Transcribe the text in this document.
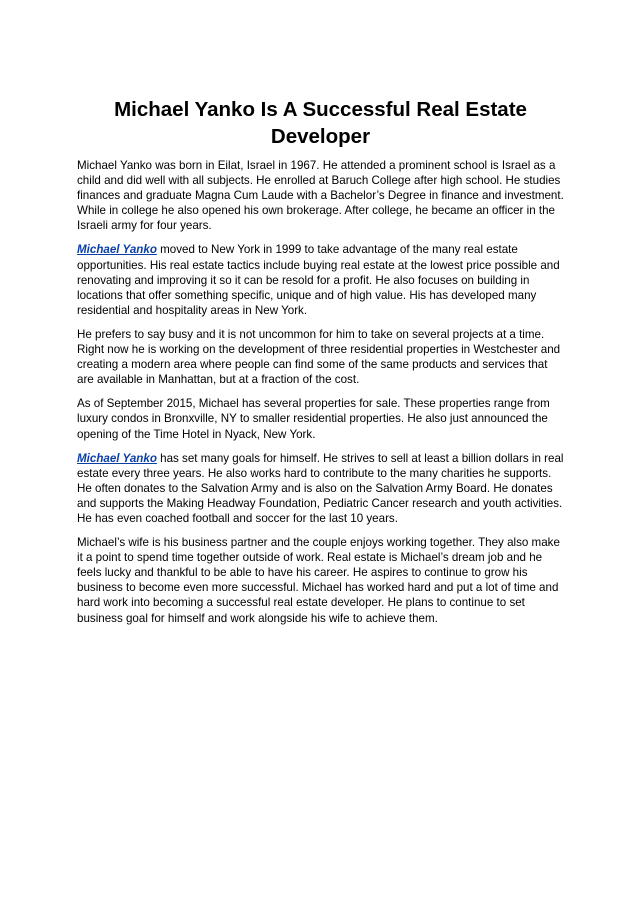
Michael Yanko Is A Successful Real Estate Developer

Michael Yanko was born in Eilat, Israel in 1967. He attended a prominent school is Israel as a child and did well with all subjects. He enrolled at Baruch College after high school. He studies finances and graduate Magna Cum Laude with a Bachelor’s Degree in finance and investment. While in college he also opened his own brokerage. After college, he became an officer in the Israeli army for four years.

Michael Yanko moved to New York in 1999 to take advantage of the many real estate opportunities. His real estate tactics include buying real estate at the lowest price possible and renovating and improving it so it can be resold for a profit. He also focuses on building in locations that offer something specific, unique and of high value. His has developed many residential and hospitality areas in New York.

He prefers to say busy and it is not uncommon for him to take on several projects at a time. Right now he is working on the development of three residential properties in Westchester and creating a modern area where people can find some of the same products and services that are available in Manhattan, but at a fraction of the cost.

As of September 2015, Michael has several properties for sale. These properties range from luxury condos in Bronxville, NY to smaller residential properties. He also just announced the opening of the Time Hotel in Nyack, New York.

Michael Yanko has set many goals for himself. He strives to sell at least a billion dollars in real estate every three years. He also works hard to contribute to the many charities he supports. He often donates to the Salvation Army and is also on the Salvation Army Board. He donates and supports the Making Headway Foundation, Pediatric Cancer research and youth activities. He has even coached football and soccer for the last 10 years.

Michael’s wife is his business partner and the couple enjoys working together. They also make it a point to spend time together outside of work. Real estate is Michael’s dream job and he feels lucky and thankful to be able to have his career. He aspires to continue to grow his business to become even more successful. Michael has worked hard and put a lot of time and hard work into becoming a successful real estate developer. He plans to continue to set business goal for himself and work alongside his wife to achieve them.
